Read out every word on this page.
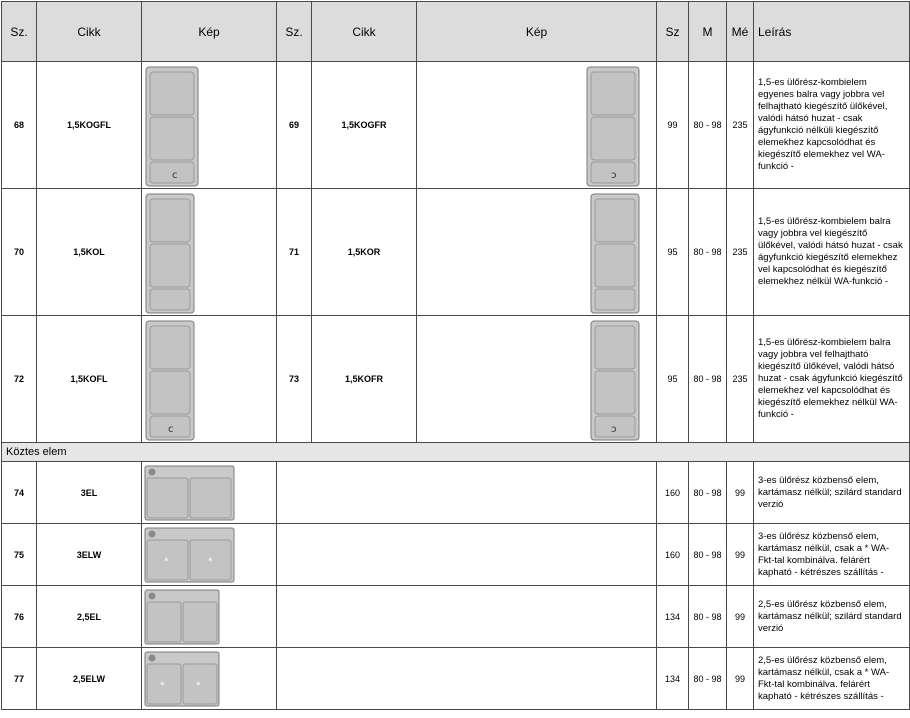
Sz.	Cikk	Kép	Sz.	Cikk	Kép	Sz	M	Mé	Leírás
68	1,5KOGFL	c	69	1,5KOGFR	ɔ	99	80 - 98	235	1,5-es ülőrész-kombielem egyenes balra vagy jobbra vel felhajtható kiegészítő ülőkével, valódi hátsó huzat - csak ágyfunkció nélküli kiegészítő elemekhez kapcsolódhat és kiegészítő elemekhez vel WA-funkció -
70	1,5KOL		71	1,5KOR		95	80 - 98	235	1,5-es ülőrész-kombielem balra vagy jobbra vel kiegészítő ülőkével, valódi hátsó huzat - csak ágyfunkció kiegészítő elemekhez vel kapcsolódhat és kiegészítő elemekhez nélkül WA-funkció -
72	1,5KOFL	c	73	1,5KOFR	ɔ	95	80 - 98	235	1,5-es ülőrész-kombielem balra vagy jobbra vel felhajtható kiegészítő ülőkével, valódi hátsó huzat - csak ágyfunkció kiegészítő elemekhez vel kapcsolódhat és kiegészítő elemekhez nélkül WA-funkció -
Köztes elem									
74	3EL					160	80 - 98	99	3-es ülőrész közbenső elem, kartámasz nélkül; szilárd standard verzió
75	3ELW	* *				160	80 - 98	99	3-es ülőrész közbenső elem, kartámasz nélkül, csak a * WA-Fkt-tal kombinálva. felárért kapható - kétrészes szállítás -
76	2,5EL					134	80 - 98	99	2,5-es ülőrész közbenső elem, kartámasz nélkül; szilárd standard verzió
77	2,5ELW	* *				134	80 - 98	99	2,5-es ülőrész közbenső elem, kartámasz nélkül, csak a * WA-Fkt-tal kombinálva. felárért kapható - kétrészes szállítás -
